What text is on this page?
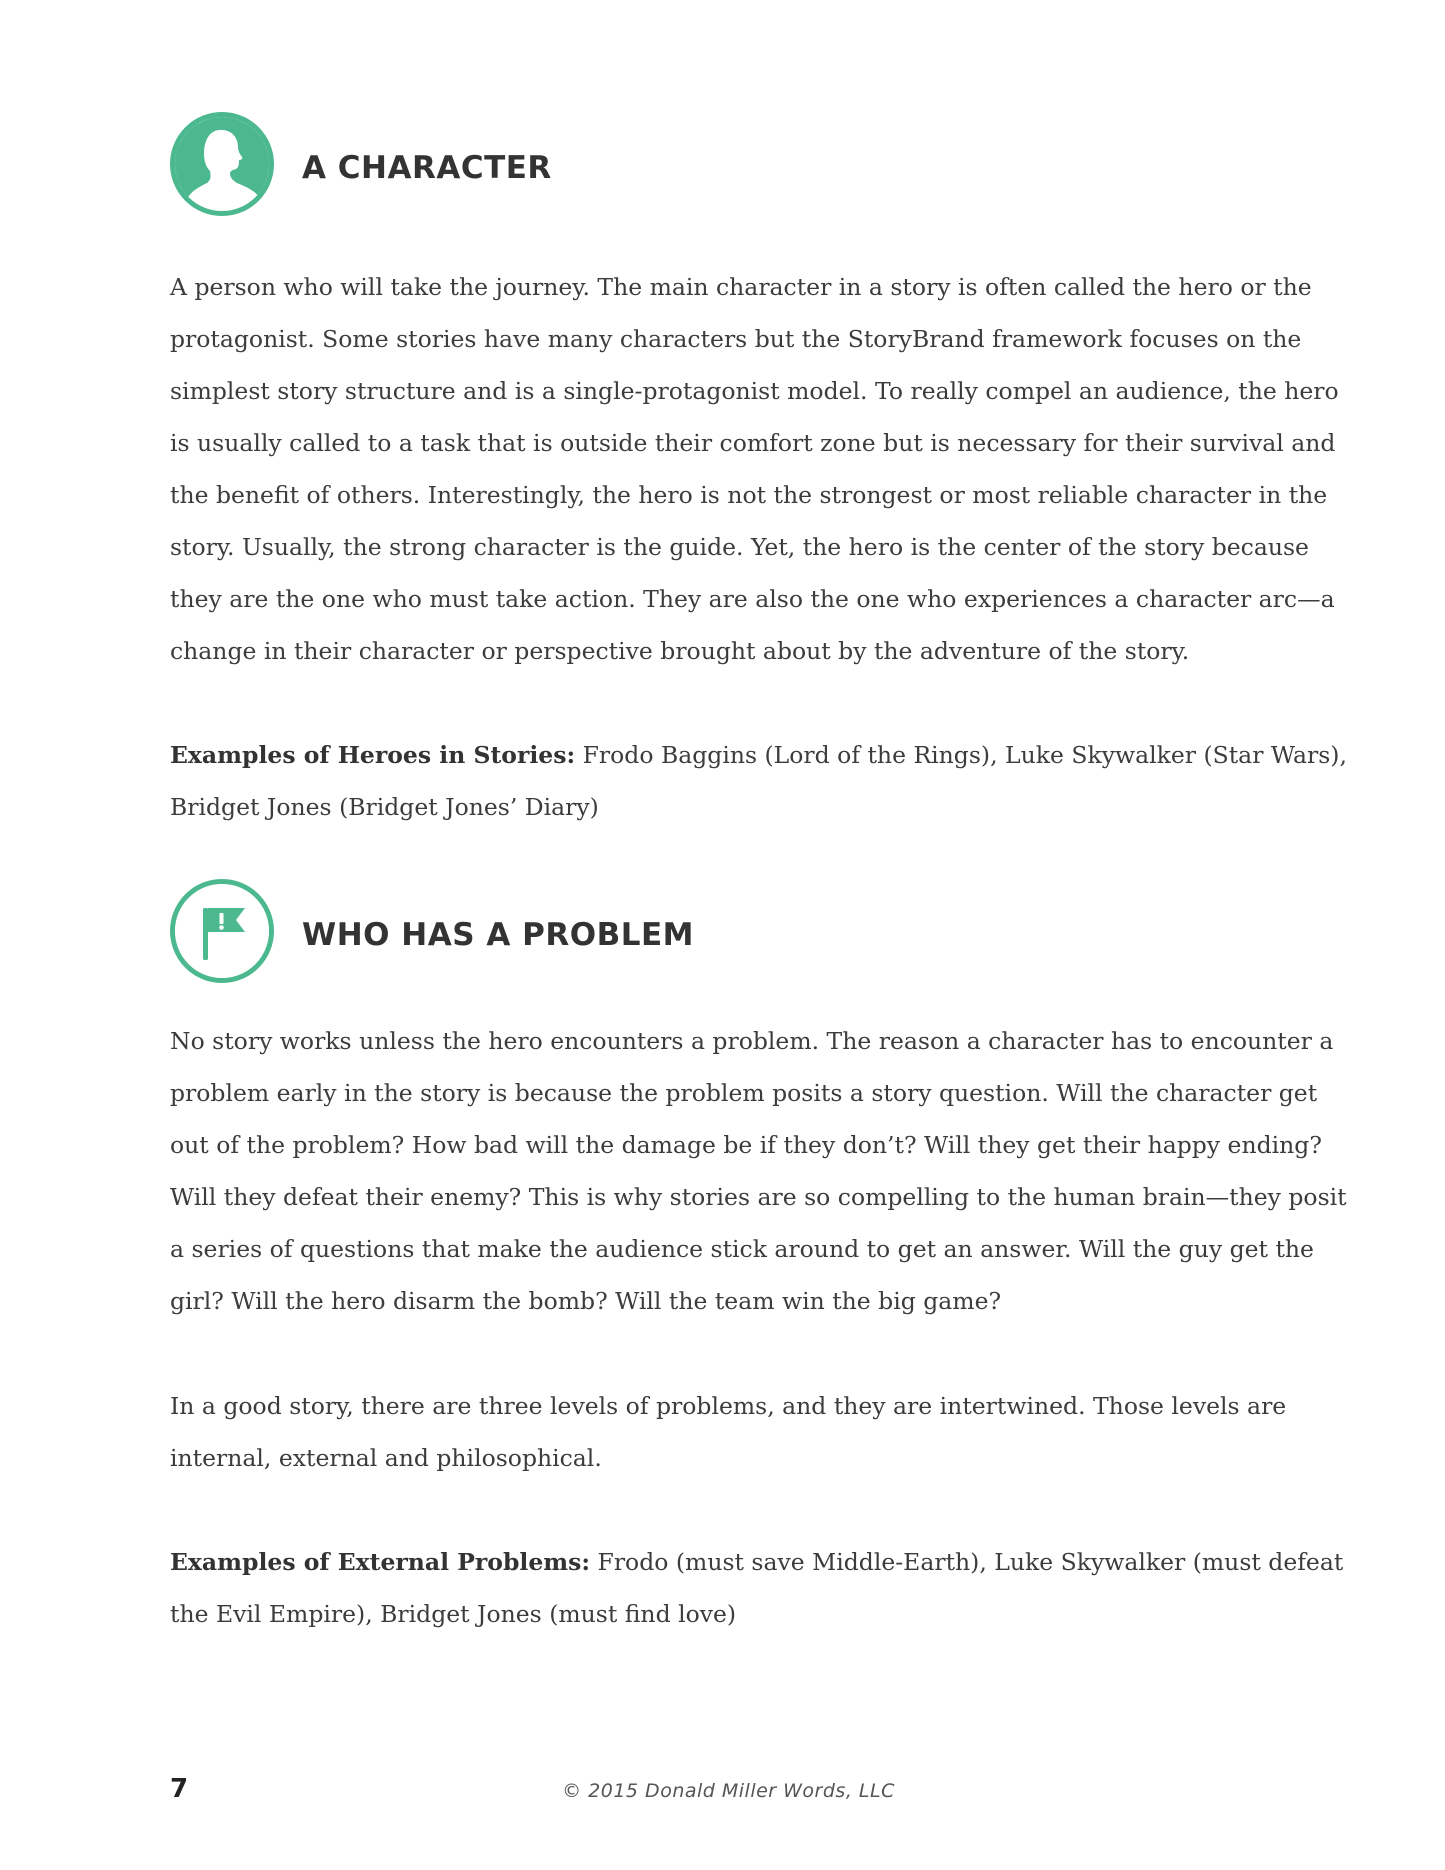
A CHARACTER

A person who will take the journey. The main character in a story is often called the hero or the protagonist. Some stories have many characters but the StoryBrand framework focuses on the simplest story structure and is a single-protagonist model. To really compel an audience, the hero is usually called to a task that is outside their comfort zone but is necessary for their survival and the benefit of others. Interestingly, the hero is not the strongest or most reliable character in the story. Usually, the strong character is the guide. Yet, the hero is the center of the story because they are the one who must take action. They are also the one who experiences a character arc—a change in their character or perspective brought about by the adventure of the story.

Examples of Heroes in Stories: Frodo Baggins (Lord of the Rings), Luke Skywalker (Star Wars), Bridget Jones (Bridget Jones’ Diary)

WHO HAS A PROBLEM

No story works unless the hero encounters a problem. The reason a character has to encounter a problem early in the story is because the problem posits a story question. Will the character get out of the problem? How bad will the damage be if they don’t? Will they get their happy ending? Will they defeat their enemy? This is why stories are so compelling to the human brain—they posit a series of questions that make the audience stick around to get an answer. Will the guy get the girl? Will the hero disarm the bomb? Will the team win the big game?

In a good story, there are three levels of problems, and they are intertwined. Those levels are internal, external and philosophical.

Examples of External Problems: Frodo (must save Middle-Earth), Luke Skywalker (must defeat the Evil Empire), Bridget Jones (must find love)

7	© 2015 Donald Miller Words, LLC
